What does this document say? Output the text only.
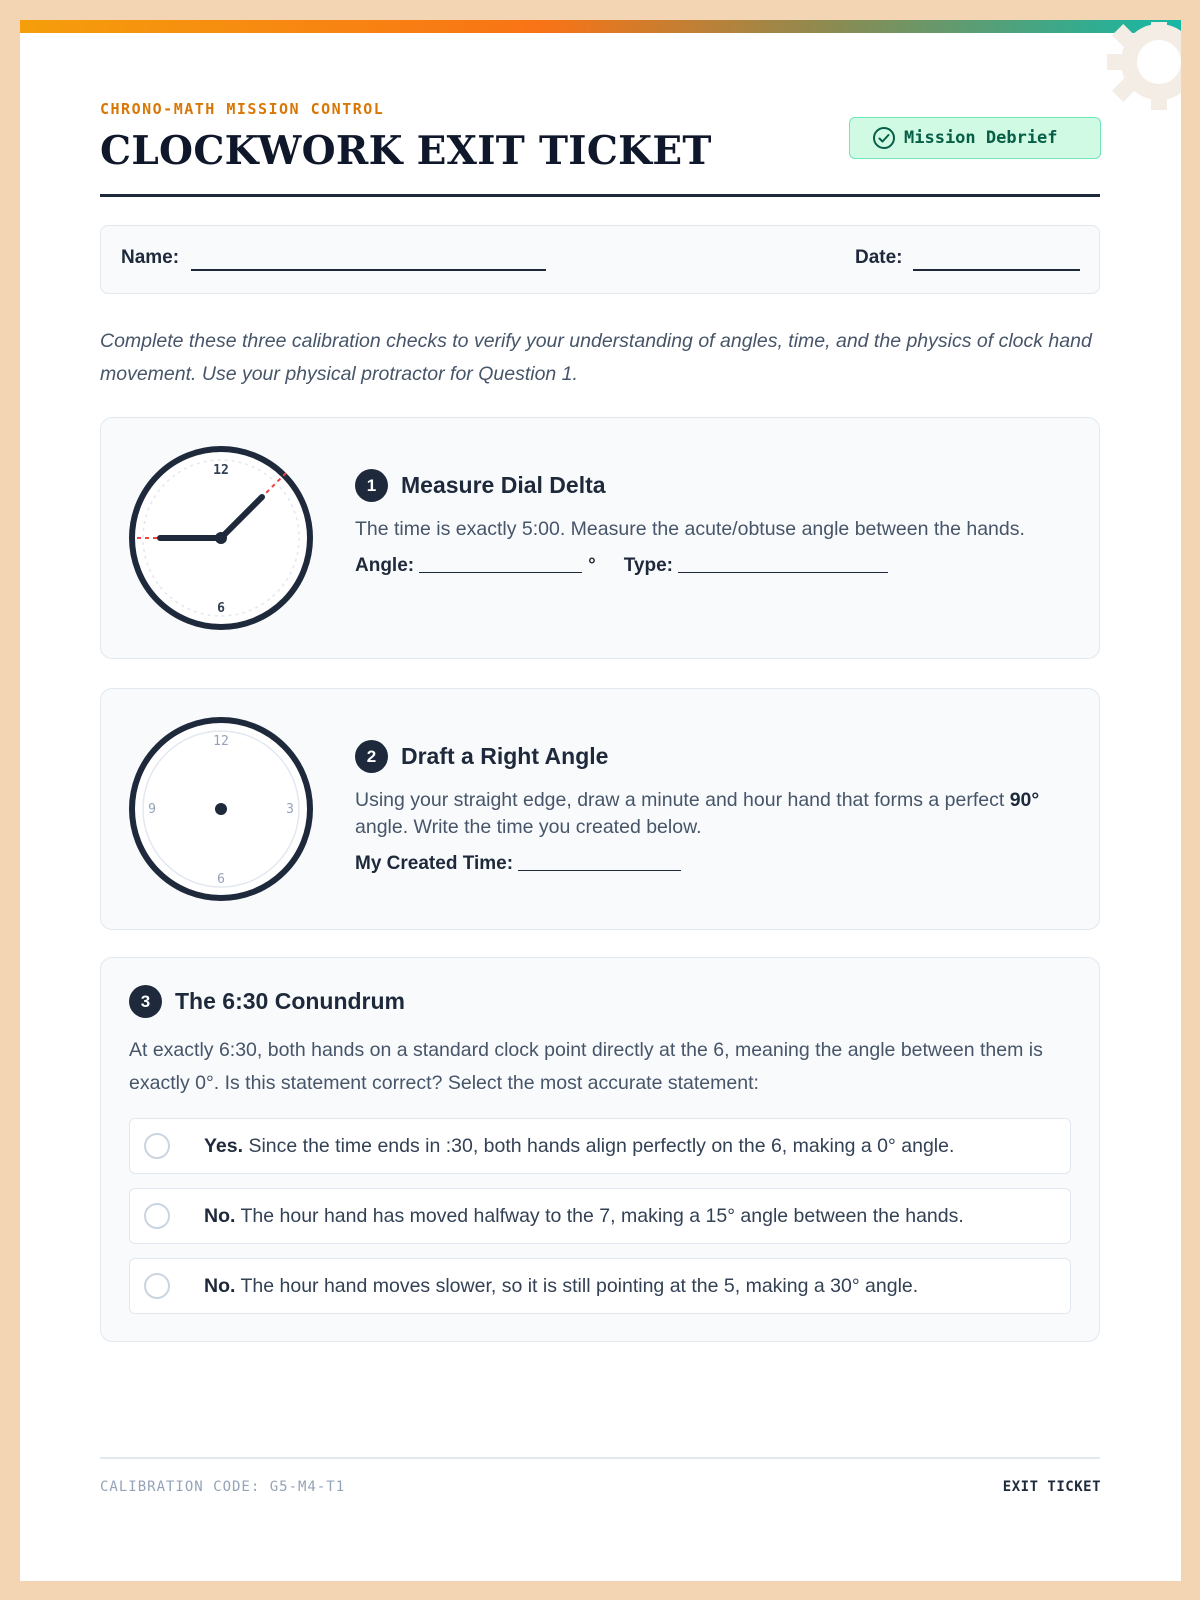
CHRONO-MATH MISSION CONTROL
CLOCKWORK EXIT TICKET	Mission Debrief
Name:	Date:
Complete these three calibration checks to verify your understanding of angles, time, and the physics of clock hand movement. Use your physical protractor for Question 1.
12
6
1	Measure Dial Delta
The time is exactly 5:00. Measure the acute/obtuse angle between the hands.
Angle:	° Type:
12
3
6
9
2	Draft a Right Angle
Using your straight edge, draw a minute and hour hand that forms a perfect 90° angle. Write the time you created below.
My Created Time:
3	The 6:30 Conundrum
At exactly 6:30, both hands on a standard clock point directly at the 6, meaning the angle between them is exactly 0°. Is this statement correct? Select the most accurate statement:
Yes. Since the time ends in :30, both hands align perfectly on the 6, making a 0° angle.
No. The hour hand has moved halfway to the 7, making a 15° angle between the hands.
No. The hour hand moves slower, so it is still pointing at the 5, making a 30° angle.
CALIBRATION CODE: G5-M4-T1	EXIT TICKET
